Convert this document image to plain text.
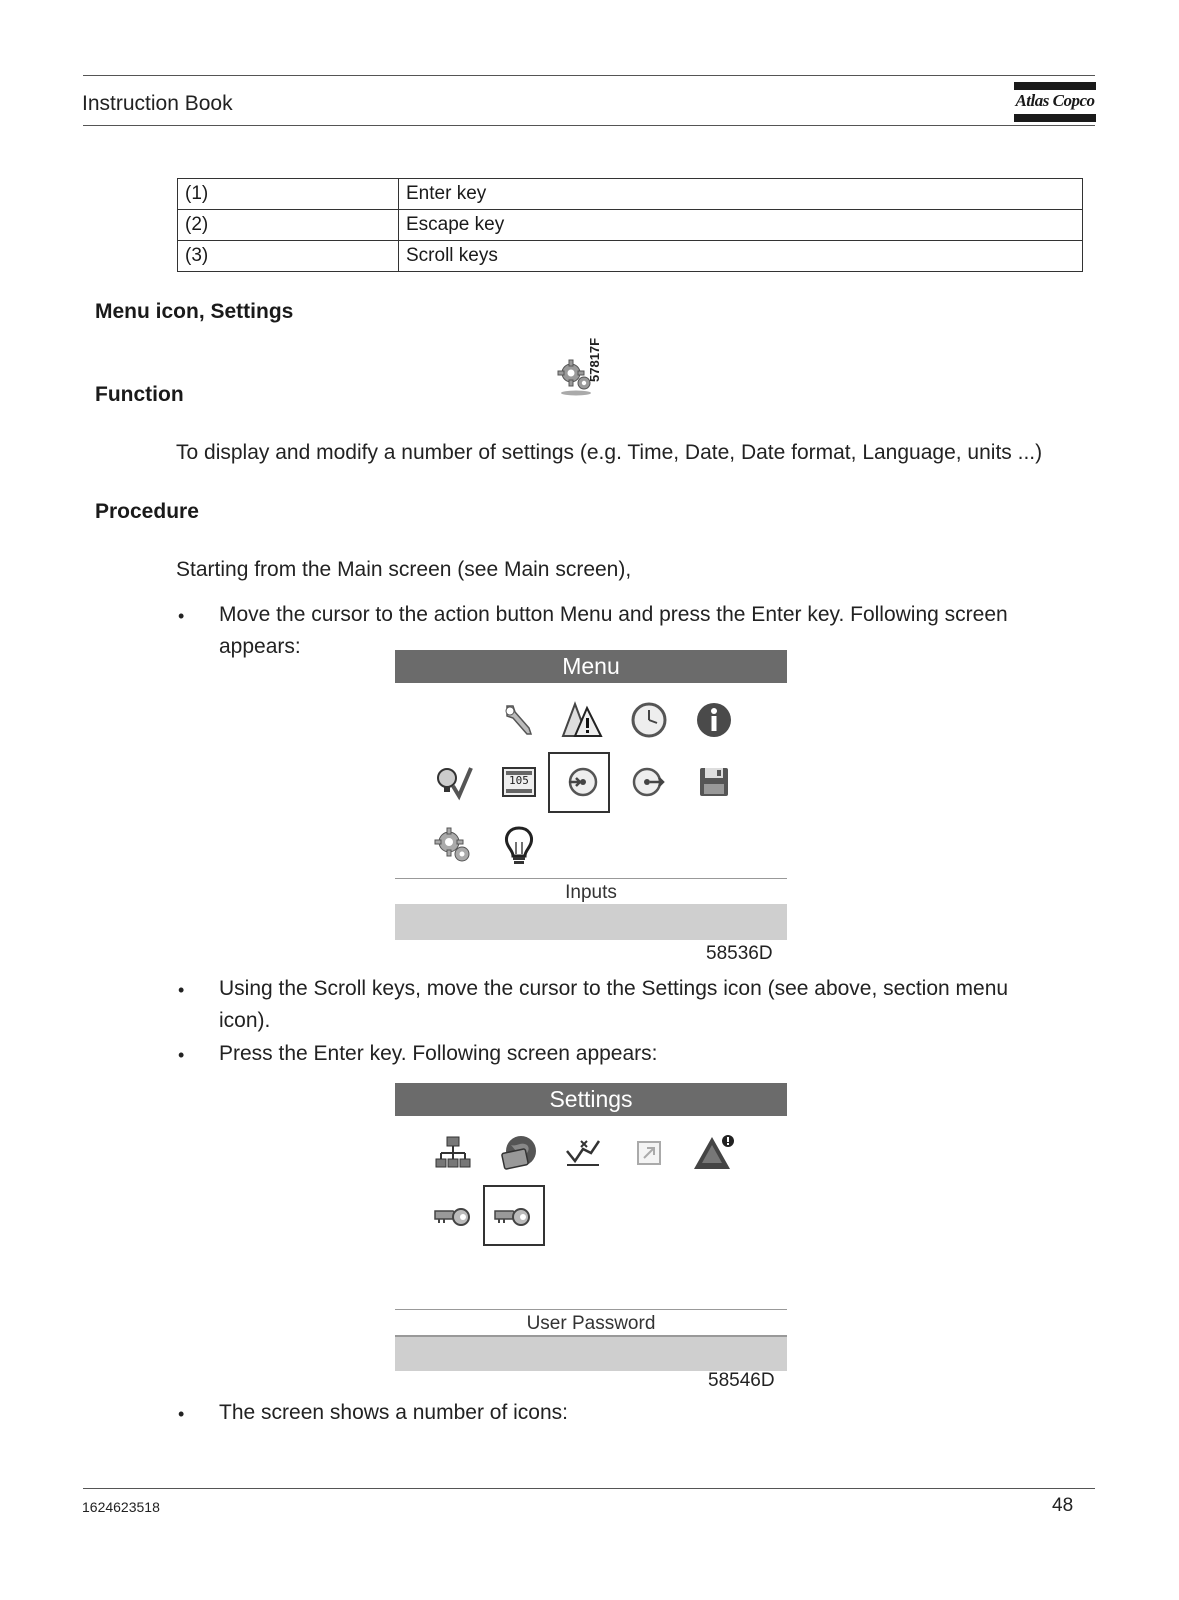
Instruction Book	Atlas Copco
(1)	Enter key
(2)	Escape key
(3)	Scroll keys
Menu icon, Settings
57817F
Function
To display and modify a number of settings (e.g. Time, Date, Date format, Language, units ...)
Procedure
Starting from the Main screen (see Main screen),
• Move the cursor to the action button Menu and press the Enter key. Following screen
appears:
Menu
105
Inputs
58536D
• Using the Scroll keys, move the cursor to the Settings icon (see above, section menu
icon).
• Press the Enter key. Following screen appears:
Settings
User Password
58546D
• The screen shows a number of icons:
1624623518	48
